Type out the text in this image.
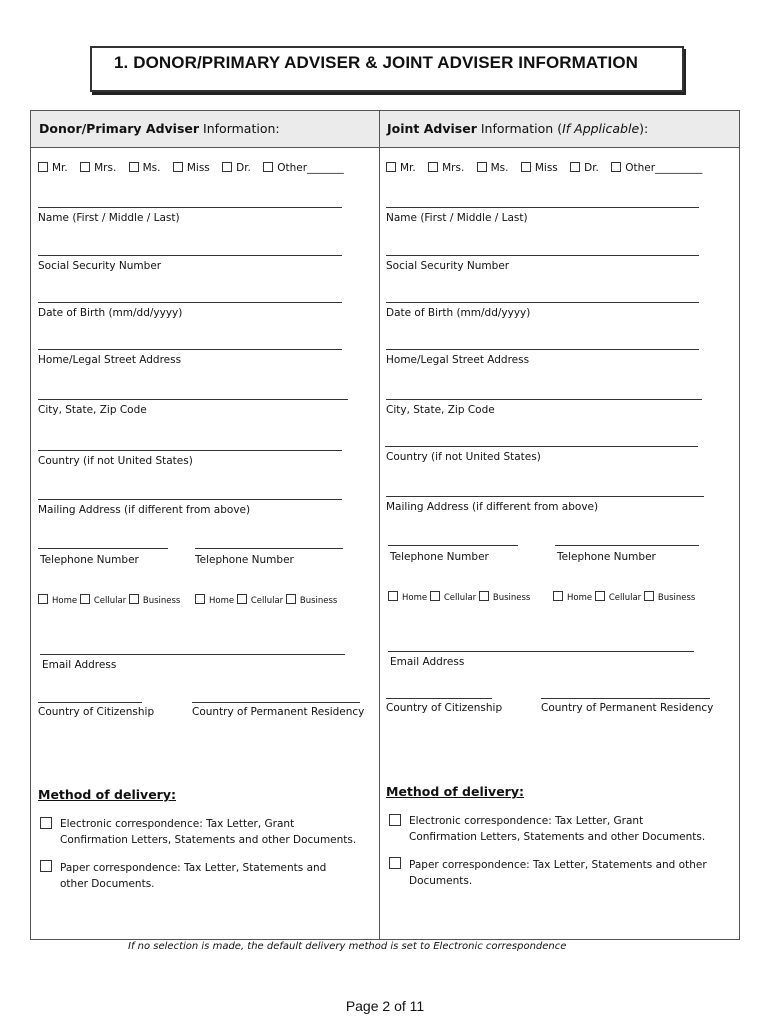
1. DONOR/PRIMARY ADVISER & JOINT ADVISER INFORMATION
Donor/Primary Adviser Information:	Joint Adviser Information (If Applicable):
Mr.	Mrs.	Ms.	Miss	Dr.	Other_______
Name (First / Middle / Last)
Social Security Number
Date of Birth (mm/dd/yyyy)
Home/Legal Street Address
City, State, Zip Code
Country (if not United States)
Mailing Address (if different from above)
Telephone Number	Telephone Number
Home Cellular Business	Home Cellular Business
Email Address
Country of Citizenship	Country of Permanent Residency
Method of delivery:
Electronic correspondence: Tax Letter, Grant Confirmation Letters, Statements and other Documents.
Paper correspondence: Tax Letter, Statements and other Documents.
Mr.	Mrs.	Ms.	Miss	Dr.	Other_________
Name (First / Middle / Last)
Social Security Number
Date of Birth (mm/dd/yyyy)
Home/Legal Street Address
City, State, Zip Code
Country (if not United States)
Mailing Address (if different from above)
Telephone Number	Telephone Number
Home Cellular Business	Home Cellular Business
Email Address
Country of Citizenship	Country of Permanent Residency
Method of delivery:
Electronic correspondence: Tax Letter, Grant Confirmation Letters, Statements and other Documents.
Paper correspondence: Tax Letter, Statements and other Documents.
If no selection is made, the default delivery method is set to Electronic correspondence
Page 2 of 11
